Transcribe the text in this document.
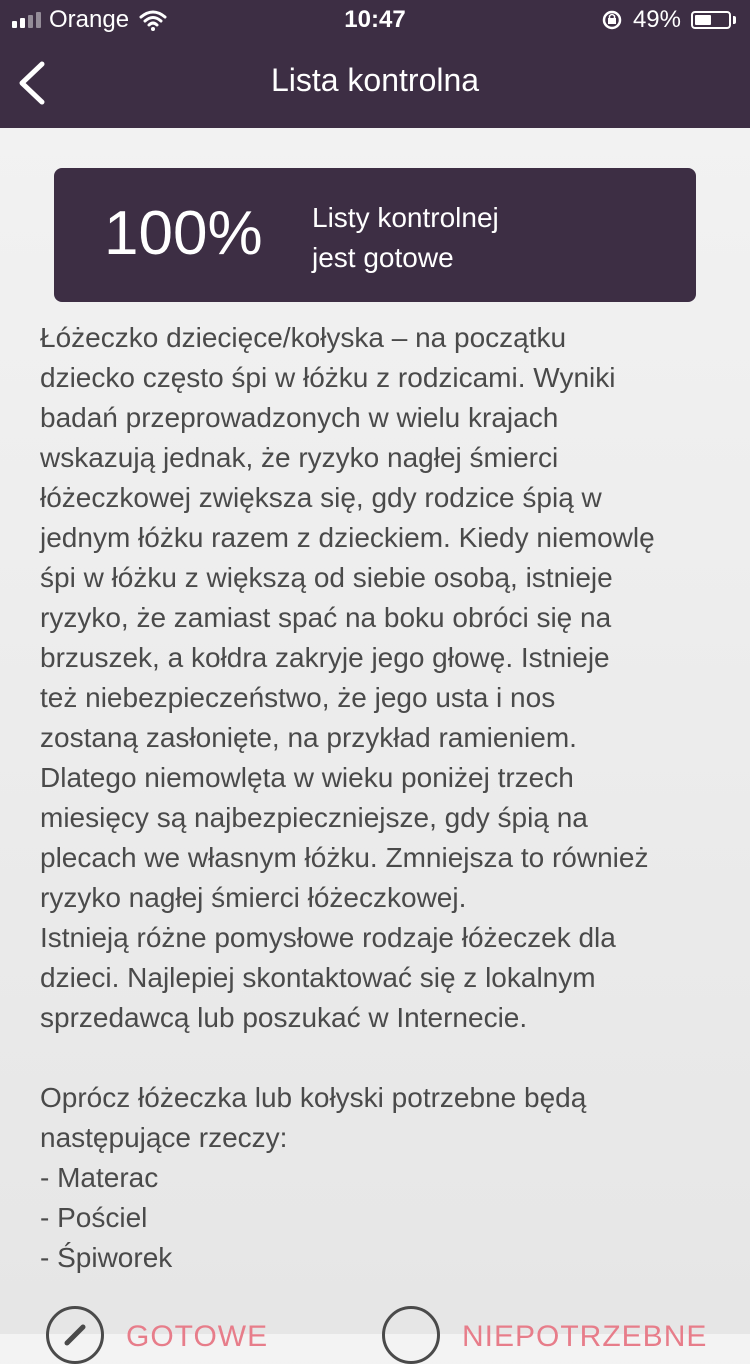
Orange	10:47	49%
Lista kontrolna
100% Listy kontrolnej
jest gotowe
Łóżeczko dziecięce/kołyska – na początku
dziecko często śpi w łóżku z rodzicami. Wyniki
badań przeprowadzonych w wielu krajach
wskazują jednak, że ryzyko nagłej śmierci
łóżeczkowej zwiększa się, gdy rodzice śpią w
jednym łóżku razem z dzieckiem. Kiedy niemowlę
śpi w łóżku z większą od siebie osobą, istnieje
ryzyko, że zamiast spać na boku obróci się na
brzuszek, a kołdra zakryje jego głowę. Istnieje
też niebezpieczeństwo, że jego usta i nos
zostaną zasłonięte, na przykład ramieniem.
Dlatego niemowlęta w wieku poniżej trzech
miesięcy są najbezpieczniejsze, gdy śpią na
plecach we własnym łóżku. Zmniejsza to również
ryzyko nagłej śmierci łóżeczkowej.
Istnieją różne pomysłowe rodzaje łóżeczek dla
dzieci. Najlepiej skontaktować się z lokalnym
sprzedawcą lub poszukać w Internecie.

Oprócz łóżeczka lub kołyski potrzebne będą
następujące rzeczy:
- Materac
- Pościel
- Śpiworek
GOTOWE	NIEPOTRZEBNE
